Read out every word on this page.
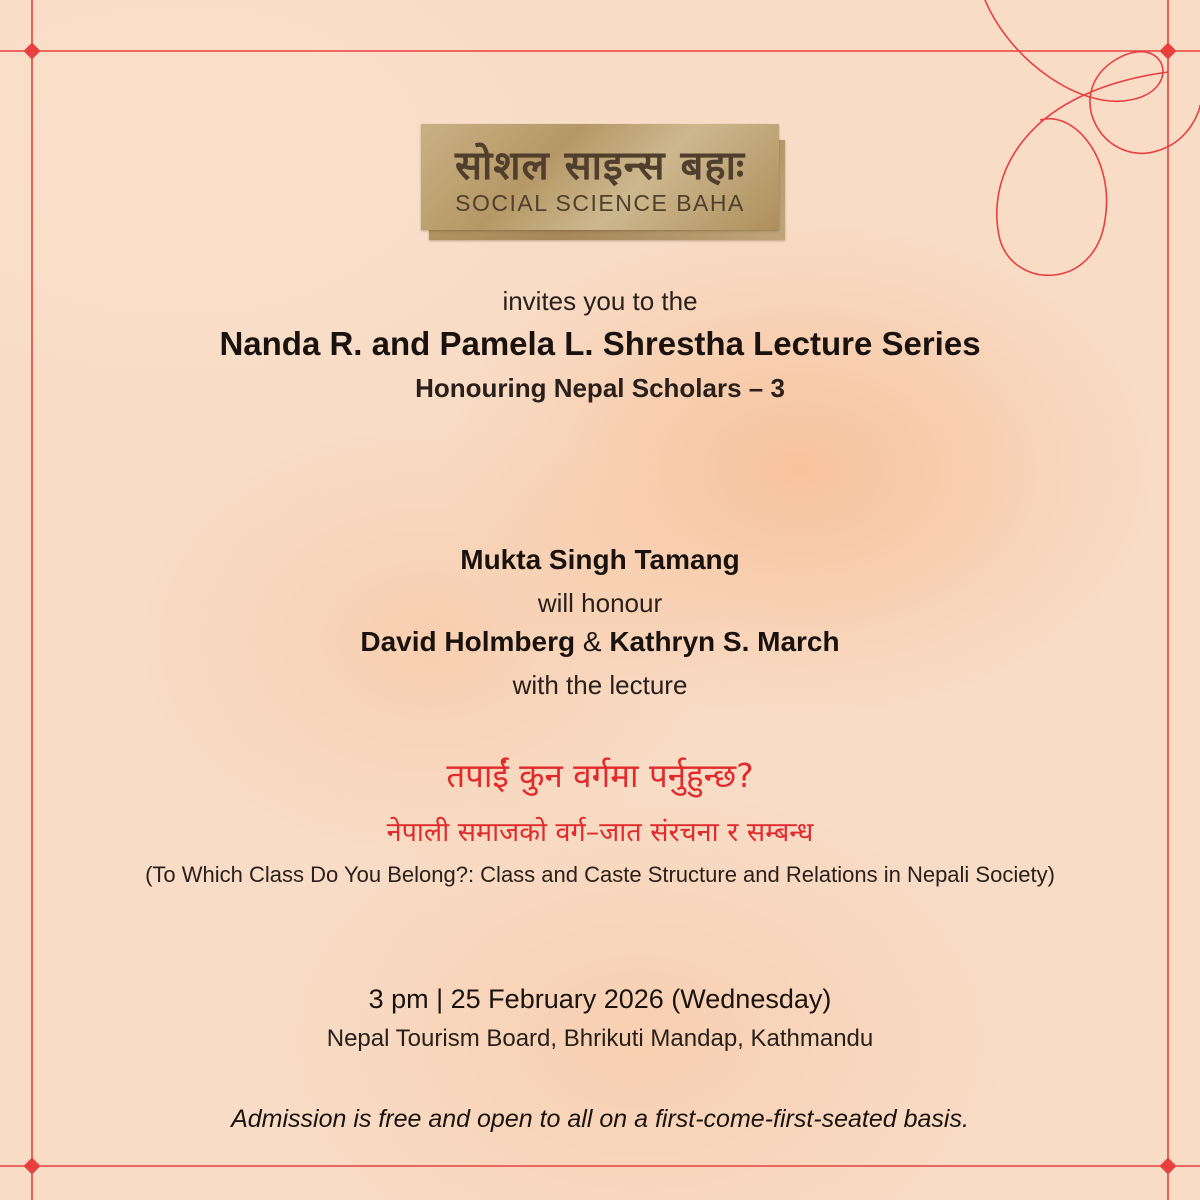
सोशल साइन्स बहाः
SOCIAL SCIENCE BAHA
invites you to the
Nanda R. and Pamela L. Shrestha Lecture Series
Honouring Nepal Scholars – 3
Mukta Singh Tamang
will honour
David Holmberg & Kathryn S. March
with the lecture
तपाईं कुन वर्गमा पर्नुहुन्छ?
नेपाली समाजको वर्ग–जात संरचना र सम्बन्ध
(To Which Class Do You Belong?: Class and Caste Structure and Relations in Nepali Society)
3 pm | 25 February 2026 (Wednesday)
Nepal Tourism Board, Bhrikuti Mandap, Kathmandu
Admission is free and open to all on a first-come-first-seated basis.
